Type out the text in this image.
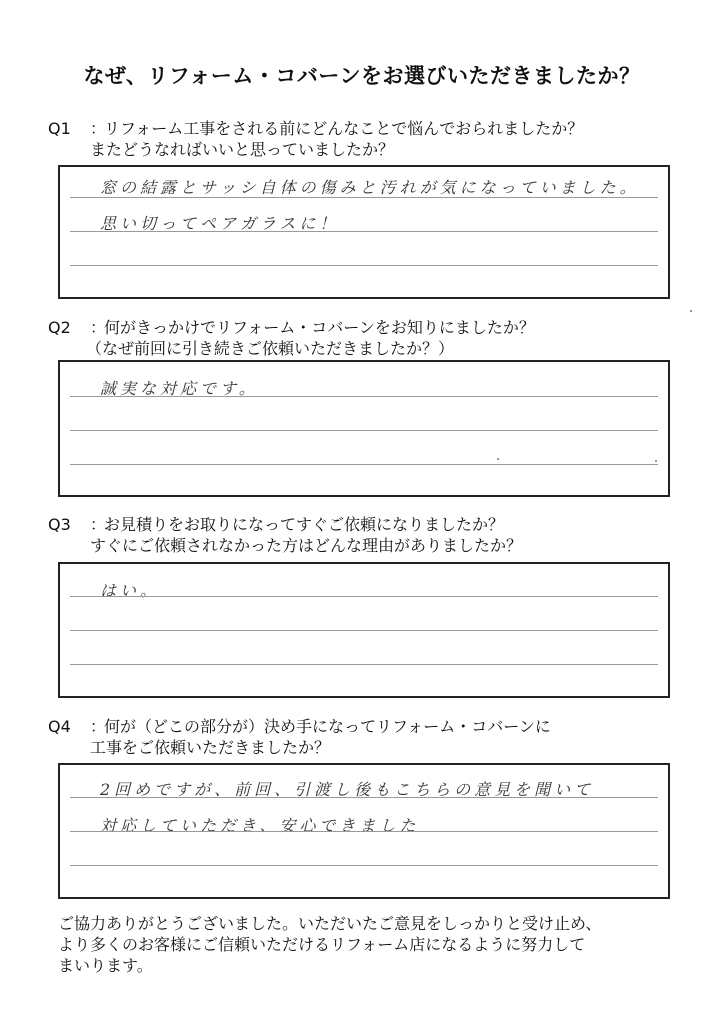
なぜ、リフォーム・コバーンをお選びいただきましたか？
Q1	：
リフォーム工事をされる前にどんなことで悩んでおられましたか？
またどうなればいいと思っていましたか？
窓の結露とサッシ自体の傷みと汚れが気になっていました。
思い切ってペアガラスに！
Q2	：
何がきっかけでリフォーム・コバーンをお知りにましたか？
（なぜ前回に引き続きご依頼いただきましたか？）
誠実な対応です。
Q3	：
お見積りをお取りになってすぐご依頼になりましたか？
すぐにご依頼されなかった方はどんな理由がありましたか？
はい。
Q4	：
何が（どこの部分が）決め手になってリフォーム・コバーンに
工事をご依頼いただきましたか？
2回めですが、前回、引渡し後もこちらの意見を聞いて
対応していただき、安心できました
ご協力ありがとうございました。いただいたご意見をしっかりと受け止め、
より多くのお客様にご信頼いただけるリフォーム店になるように努力して
まいります。
